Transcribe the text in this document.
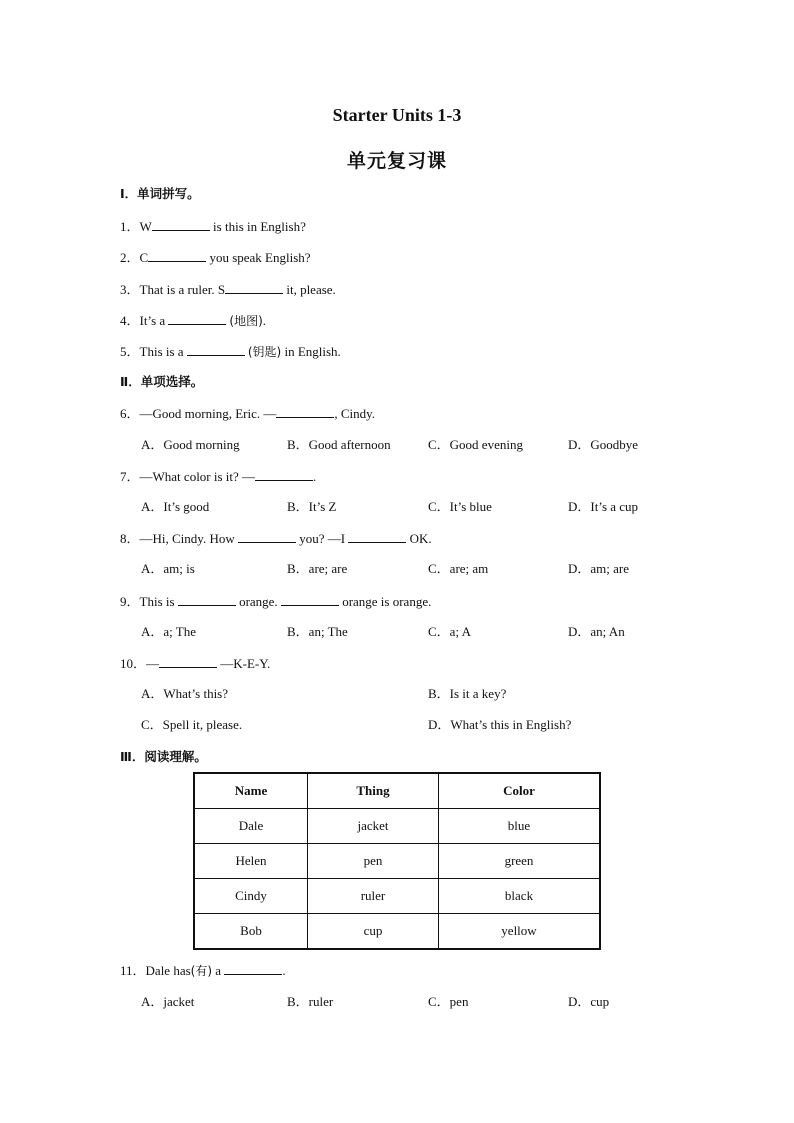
Starter Units 1-3
单元复习课
Ⅰ．单词拼写。
1．W	is this in English?
2．C	you speak English?
3．That is a ruler. S	it, please.
4．It’s a	(地图).
5．This is a	(钥匙) in English.
Ⅱ．单项选择。
6．—Good morning, Eric. —	, Cindy.
A．Good morning	B．Good afternoon	C．Good evening	D．Goodbye
7．—What color is it? —	.
A．It’s good	B．It’s Z	C．It’s blue	D．It’s a cup
8．—Hi, Cindy. How	you? —I	OK.
A．am; is	B．are; are	C．are; am	D．am; are
9．This is	orange.	orange is orange.
A．a; The	B．an; The	C．a; A	D．an; An
10．—	—K-E-Y.
A．What’s this?	B．Is it a key?
C．Spell it, please.	D．What’s this in English?
Ⅲ．阅读理解。
Name	Thing	Color
Dale	jacket	blue
Helen	pen	green
Cindy	ruler	black
Bob	cup	yellow
11．Dale has(有) a	.
A．jacket	B．ruler	C．pen	D．cup
